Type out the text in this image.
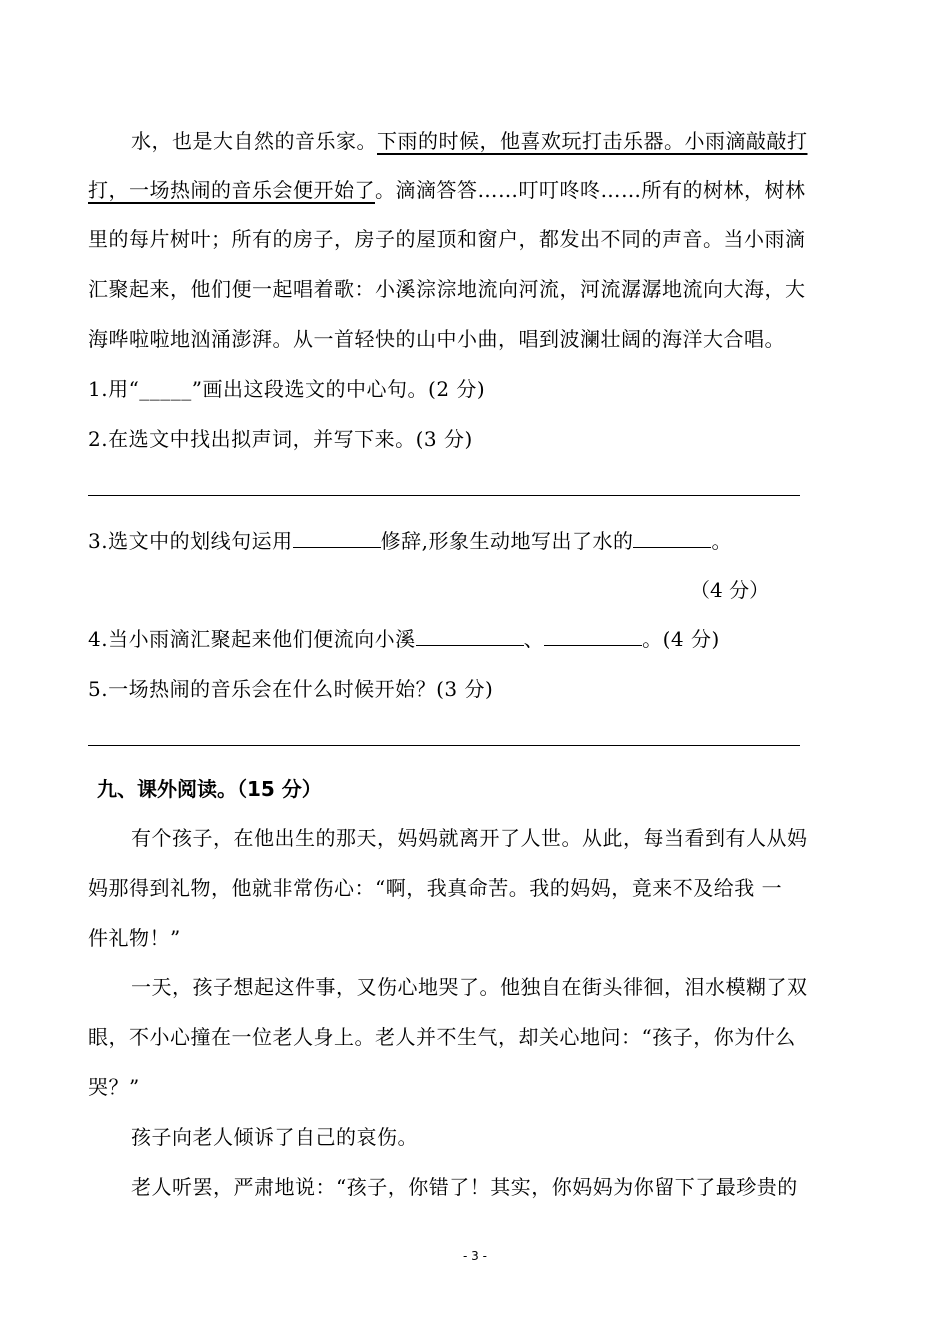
水，也是大自然的音乐家。下雨的时候，他喜欢玩打击乐器。小雨滴敲敲打
打，一场热闹的音乐会便开始了。滴滴答答……叮叮咚咚……所有的树林，树林
里的每片树叶；所有的房子，房子的屋顶和窗户，都发出不同的声音。当小雨滴
汇聚起来，他们便一起唱着歌：小溪淙淙地流向河流，河流潺潺地流向大海，大
海哗啦啦地汹涌澎湃。从一首轻快的山中小曲，唱到波澜壮阔的海洋大合唱。
1.用“_____”画出这段选文的中心句。(2 分)
2.在选文中找出拟声词，并写下来。(3 分)
3.选文中的划线句运用	修辞,形象生动地写出了水的	。
（4 分）
4.当小雨滴汇聚起来他们便流向小溪	、	。(4 分)
5.一场热闹的音乐会在什么时候开始？(3 分)
九、课外阅读。（15 分）
有个孩子，在他出生的那天，妈妈就离开了人世。从此，每当看到有人从妈
妈那得到礼物，他就非常伤心：“啊，我真命苦。我的妈妈，竟来不及给我 一
件礼物！”
一天，孩子想起这件事，又伤心地哭了。他独自在街头徘徊，泪水模糊了双
眼，不小心撞在一位老人身上。老人并不生气，却关心地问：“孩子，你为什么
哭？”
孩子向老人倾诉了自己的哀伤。
老人听罢，严肃地说：“孩子，你错了！其实，你妈妈为你留下了最珍贵的
- 3 -
